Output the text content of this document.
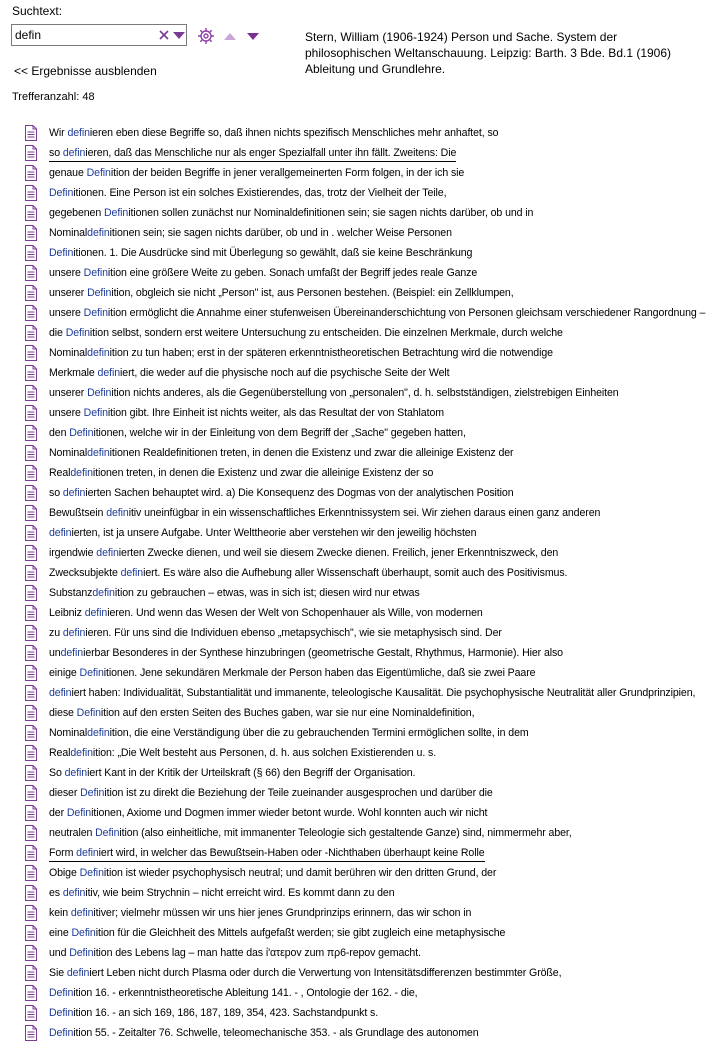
Suchtext:
defin
Stern, William (1906-1924) Person und Sache. System der philosophischen Weltanschauung. Leipzig: Barth. 3 Bde. Bd.1 (1906) Ableitung und Grundlehre.
<< Ergebnisse ausblenden
Trefferanzahl: 48
Wir definieren eben diese Begriffe so, daß ihnen nichts spezifisch Menschliches mehr anhaftet, so
so definieren, daß das Menschliche nur als enger Spezialfall unter ihn fällt. Zweitens: Die
genaue Definition der beiden Begriffe in jener verallgemeinerten Form folgen, in der ich sie
Definitionen. Eine Person ist ein solches Existierendes, das, trotz der Vielheit der Teile,
gegebenen Definitionen sollen zunächst nur Nominaldefinitionen sein; sie sagen nichts darüber, ob und in
Nominaldefinitionen sein; sie sagen nichts darüber, ob und in . welcher Weise Personen
Definitionen. 1. Die Ausdrücke sind mit Überlegung so gewählt, daß sie keine Beschränkung
unsere Definition eine größere Weite zu geben. Sonach umfaßt der Begriff jedes reale Ganze
unserer Definition, obgleich sie nicht „Person" ist, aus Personen bestehen. (Beispiel: ein Zellklumpen,
unsere Definition ermöglicht die Annahme einer stufenweisen Übereinanderschichtung von Personen gleichsam verschiedener Rangordnung –
die Definition selbst, sondern erst weitere Untersuchung zu entscheiden. Die einzelnen Merkmale, durch welche
Nominaldefinition zu tun haben; erst in der späteren erkenntnistheoretischen Betrachtung wird die notwendige
Merkmale definiert, die weder auf die physische noch auf die psychische Seite der Welt
unserer Definition nichts anderes, als die Gegenüberstellung von „personalen", d. h. selbstständigen, zielstrebigen Einheiten
unsere Definition gibt. Ihre Einheit ist nichts weiter, als das Resultat der von Stahlatom
den Definitionen, welche wir in der Einleitung von dem Begriff der „Sache" gegeben hatten,
Nominaldefinitionen Realdefinitionen treten, in denen die Existenz und zwar die alleinige Existenz der
Realdefinitionen treten, in denen die Existenz und zwar die alleinige Existenz der so
so definierten Sachen behauptet wird. a) Die Konsequenz des Dogmas von der analytischen Position
Bewußtsein definitiv uneinfügbar in ein wissenschaftliches Erkenntnissystem sei. Wir ziehen daraus einen ganz anderen
definierten, ist ja unsere Aufgabe. Unter Welttheorie aber verstehen wir den jeweilig höchsten
irgendwie definierten Zwecke dienen, und weil sie diesem Zwecke dienen. Freilich, jener Erkenntniszweck, den
Zwecksubjekte definiert. Es wäre also die Aufhebung aller Wissenschaft überhaupt, somit auch des Positivismus.
Substanzdefinition zu gebrauchen – etwas, was in sich ist; diesen wird nur etwas
Leibniz definieren. Und wenn das Wesen der Welt von Schopenhauer als Wille, von modernen
zu definieren. Für uns sind die Individuen ebenso „metapsychisch", wie sie metaphysisch sind. Der
undefinierbar Besonderes in der Synthese hinzubringen (geometrische Gestalt, Rhythmus, Harmonie). Hier also
einige Definitionen. Jene sekundären Merkmale der Person haben das Eigentümliche, daß sie zwei Paare
definiert haben: Individualität, Substantialität und immanente, teleologische Kausalität. Die psychophysische Neutralität aller Grundprinzipien,
diese Definition auf den ersten Seiten des Buches gaben, war sie nur eine Nominaldefinition,
Nominaldefinition, die eine Verständigung über die zu gebrauchenden Termini ermöglichen sollte, in dem
Realdefinition: „Die Welt besteht aus Personen, d. h. aus solchen Existierenden u. s.
So definiert Kant in der Kritik der Urteilskraft (§ 66) den Begriff der Organisation.
dieser Definition ist zu direkt die Beziehung der Teile zueinander ausgesprochen und darüber die
der Definitionen, Axiome und Dogmen immer wieder betont wurde. Wohl konnten auch wir nicht
neutralen Definition (also einheitliche, mit immanenter Teleologie sich gestaltende Ganze) sind, nimmermehr aber,
Form definiert wird, in welcher das Bewußtsein-Haben oder -Nichthaben überhaupt keine Rolle
Obige Definition ist wieder psychophysisch neutral; und damit berühren wir den dritten Grund, der
es definitiv, wie beim Strychnin – nicht erreicht wird. Es kommt dann zu den
kein definitiver; vielmehr müssen wir uns hier jenes Grundprinzips erinnern, das wir schon in
eine Definition für die Gleichheit des Mittels aufgefaßt werden; sie gibt zugleich eine metaphysische
und Definition des Lebens lag – man hatte das ἰ'ατεpov zum πρ6-repov gemacht.
Sie definiert Leben nicht durch Plasma oder durch die Verwertung von Intensitätsdifferenzen bestimmter Größe,
Definition 16. - erkenntnistheoretische Ableitung 141. - , Ontologie der 162. - die,
Definition 16. - an sich 169, 186, 187, 189, 354, 423. Sachstandpunkt s.
Definition 55. - Zeitalter 76. Schwelle, teleomechanische 353. - als Grundlage des autonomen
